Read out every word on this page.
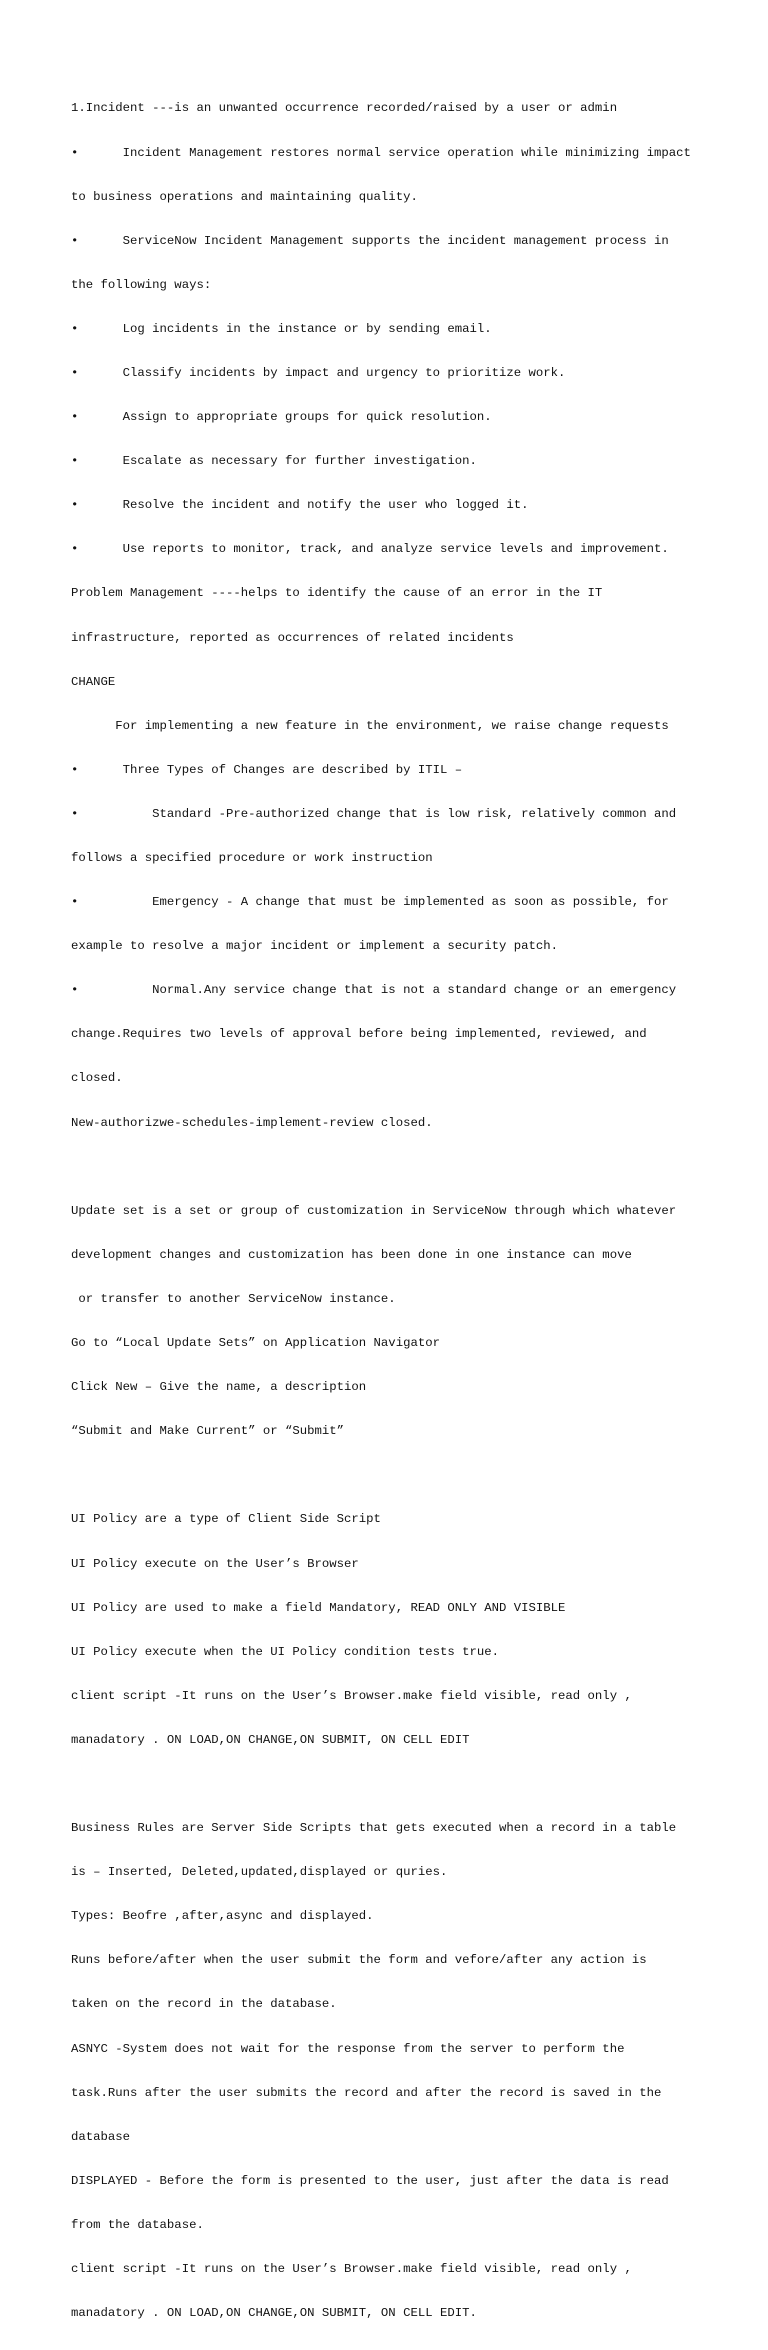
1.Incident ---is an unwanted occurrence recorded/raised by a user or admin

•      Incident Management restores normal service operation while minimizing impact

to business operations and maintaining quality.

•      ServiceNow Incident Management supports the incident management process in

the following ways:

•      Log incidents in the instance or by sending email.

•      Classify incidents by impact and urgency to prioritize work.

•      Assign to appropriate groups for quick resolution.

•      Escalate as necessary for further investigation.

•      Resolve the incident and notify the user who logged it.

•      Use reports to monitor, track, and analyze service levels and improvement.

Problem Management ----helps to identify the cause of an error in the IT

infrastructure, reported as occurrences of related incidents

CHANGE

For implementing a new feature in the environment, we raise change requests

•      Three Types of Changes are described by ITIL –

•          Standard -Pre-authorized change that is low risk, relatively common and

follows a specified procedure or work instruction

•          Emergency - A change that must be implemented as soon as possible, for

example to resolve a major incident or implement a security patch.

•          Normal.Any service change that is not a standard change or an emergency

change.Requires two levels of approval before being implemented, reviewed, and

closed.

New-authorizwe-schedules-implement-review closed.

Update set is a set or group of customization in ServiceNow through which whatever

development changes and customization has been done in one instance can move

or transfer to another ServiceNow instance.

Go to “Local Update Sets” on Application Navigator

Click New – Give the name, a description

“Submit and Make Current” or “Submit”

UI Policy are a type of Client Side Script

UI Policy execute on the User’s Browser

UI Policy are used to make a field Mandatory, READ ONLY AND VISIBLE

UI Policy execute when the UI Policy condition tests true.

client script -It runs on the User’s Browser.make field visible, read only ,

manadatory . ON LOAD,ON CHANGE,ON SUBMIT, ON CELL EDIT

Business Rules are Server Side Scripts that gets executed when a record in a table

is – Inserted, Deleted,updated,displayed or quries.

Types: Beofre ,after,async and displayed.

Runs before/after when the user submit the form and vefore/after any action is

taken on the record in the database.

ASNYC -System does not wait for the response from the server to perform the

task.Runs after the user submits the record and after the record is saved in the

database

DISPLAYED - Before the form is presented to the user, just after the data is read

from the database.

client script -It runs on the User’s Browser.make field visible, read only ,

manadatory . ON LOAD,ON CHANGE,ON SUBMIT, ON CELL EDIT.
